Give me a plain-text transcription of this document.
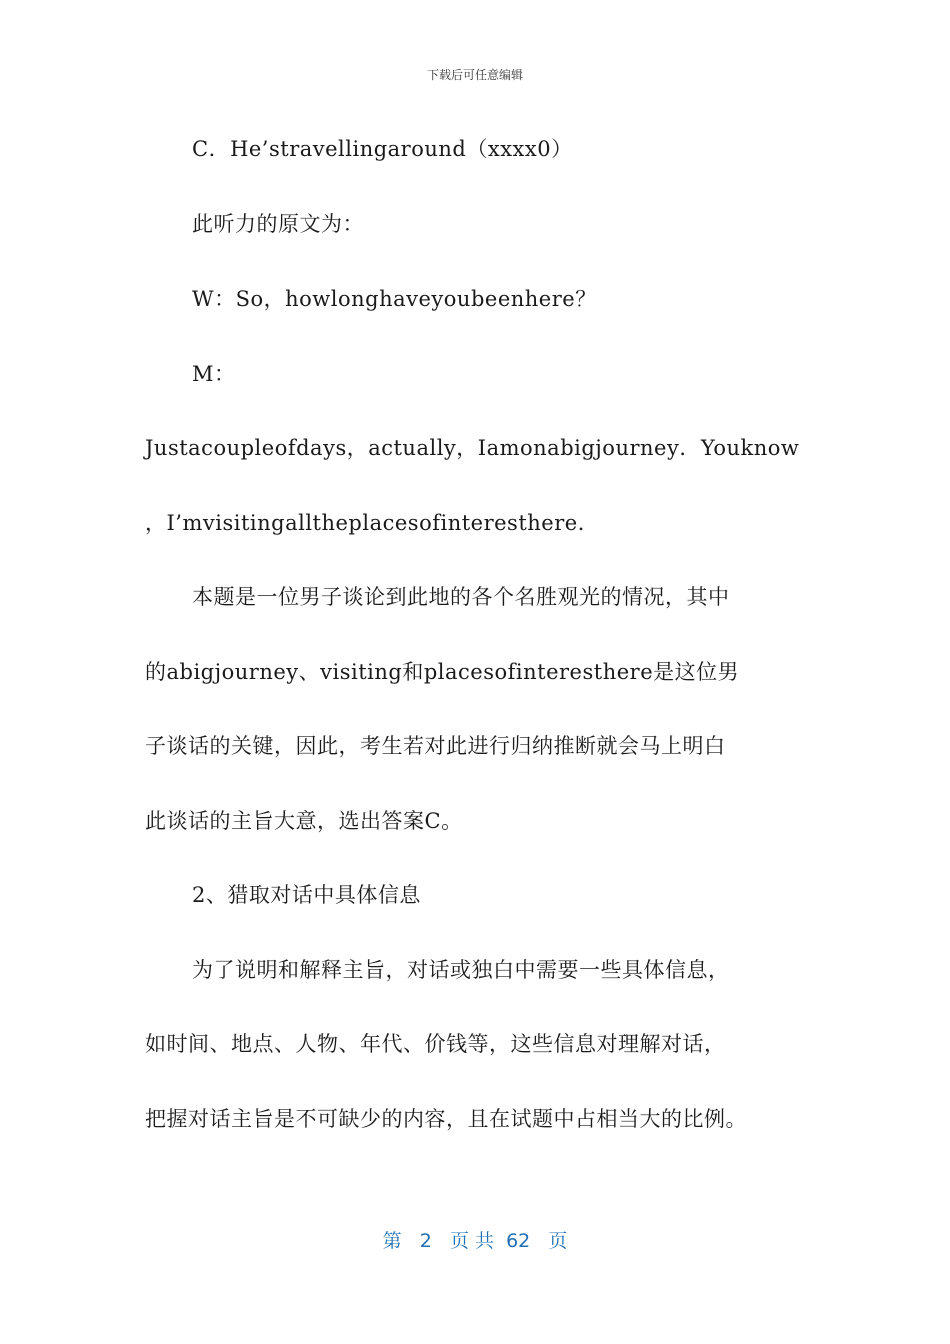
下载后可任意编辑
C．He’stravellingaround（xxxx0）
此听力的原文为：
W：So，howlonghaveyoubeenhere？
M：
Justacoupleofdays，actually，Iamonabigjourney．Youknow
，I’mvisitingalltheplacesofinteresthere．
本题是一位男子谈论到此地的各个名胜观光的情况，其中
的abigjourney、visiting和placesofinteresthere是这位男
子谈话的关键，因此，考生若对此进行归纳推断就会马上明白
此谈话的主旨大意，选出答案C。
2、猎取对话中具体信息
为了说明和解释主旨，对话或独白中需要一些具体信息，
如时间、地点、人物、年代、价钱等，这些信息对理解对话，
把握对话主旨是不可缺少的内容，且在试题中占相当大的比例。
第 2 页 共 62 页
